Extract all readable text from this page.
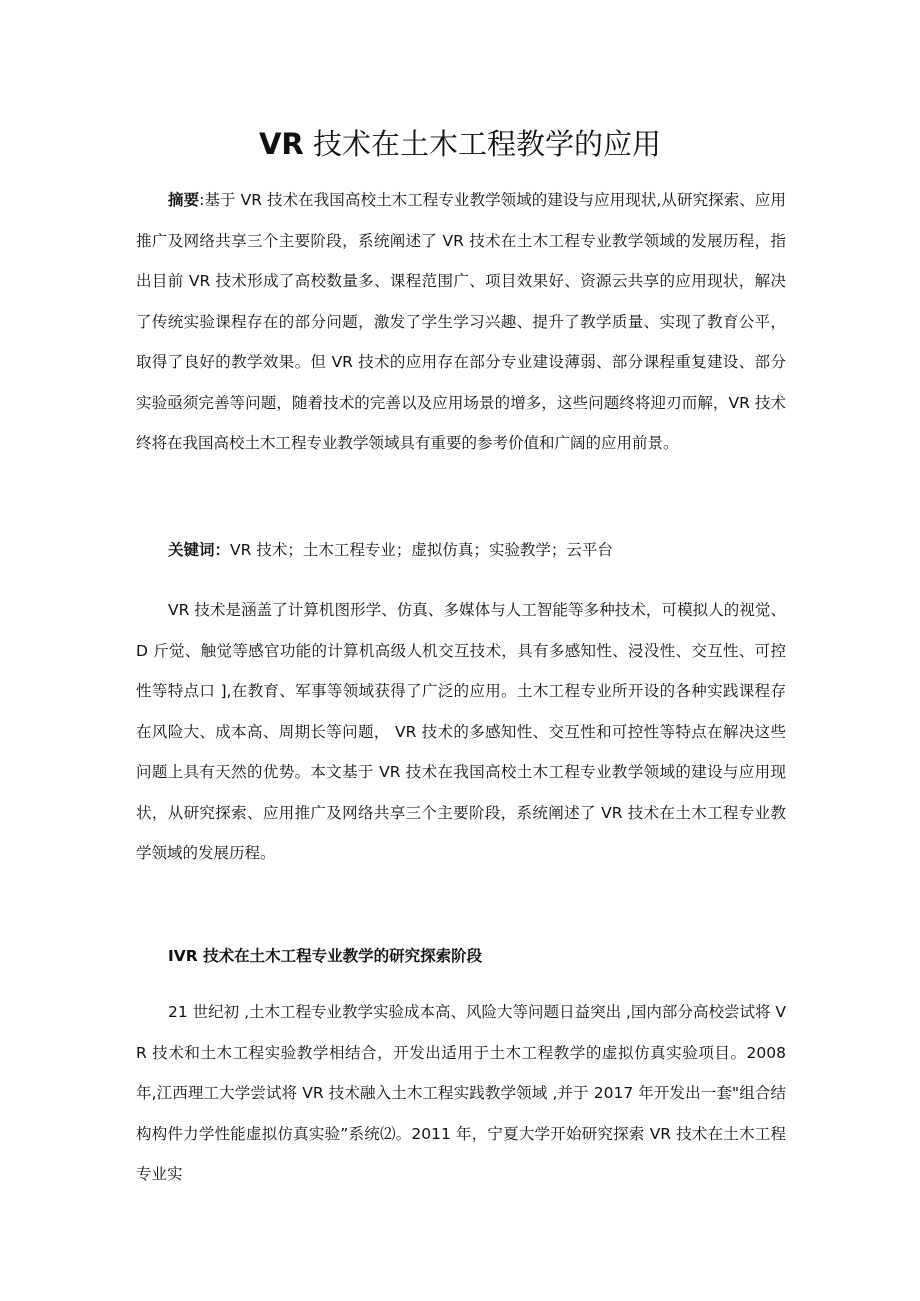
VR 技术在土木工程教学的应用

摘要:基于 VR 技术在我国高校土木工程专业教学领域的建设与应用现状,从研究探索、应用推广及网络共享三个主要阶段，系统阐述了 VR 技术在土木工程专业教学领域的发展历程，指出目前 VR 技术形成了高校数量多、课程范围广、项目效果好、资源云共享的应用现状，解决了传统实验课程存在的部分问题，激发了学生学习兴趣、提升了教学质量、实现了教育公平，取得了良好的教学效果。但 VR 技术的应用存在部分专业建设薄弱、部分课程重复建设、部分实验亟须完善等问题，随着技术的完善以及应用场景的增多，这些问题终将迎刃而解，VR 技术终将在我国高校土木工程专业教学领域具有重要的参考价值和广阔的应用前景。

关键词：VR 技术；土木工程专业；虚拟仿真；实验教学；云平台

VR 技术是涵盖了计算机图形学、仿真、多媒体与人工智能等多种技术，可模拟人的视觉、D 斤觉、触觉等感官功能的计算机高级人机交互技术，具有多感知性、浸没性、交互性、可控性等特点口 ],在教育、军事等领域获得了广泛的应用。土木工程专业所开设的各种实践课程存在风险大、成本高、周期长等问题， VR 技术的多感知性、交互性和可控性等特点在解决这些问题上具有天然的优势。本文基于 VR 技术在我国高校土木工程专业教学领域的建设与应用现状，从研究探索、应用推广及网络共享三个主要阶段，系统阐述了 VR 技术在土木工程专业教学领域的发展历程。

IVR 技术在土木工程专业教学的研究探索阶段

21 世纪初 ,土木工程专业教学实验成本高、风险大等问题日益突出 ,国内部分高校尝试将 VR 技术和土木工程实验教学相结合，开发出适用于土木工程教学的虚拟仿真实验项目。2008 年,江西理工大学尝试将 VR 技术融入土木工程实践教学领域 ,并于 2017 年开发出一套"组合结构构件力学性能虚拟仿真实验”系统⑵。2011 年，宁夏大学开始研究探索 VR 技术在土木工程专业实
